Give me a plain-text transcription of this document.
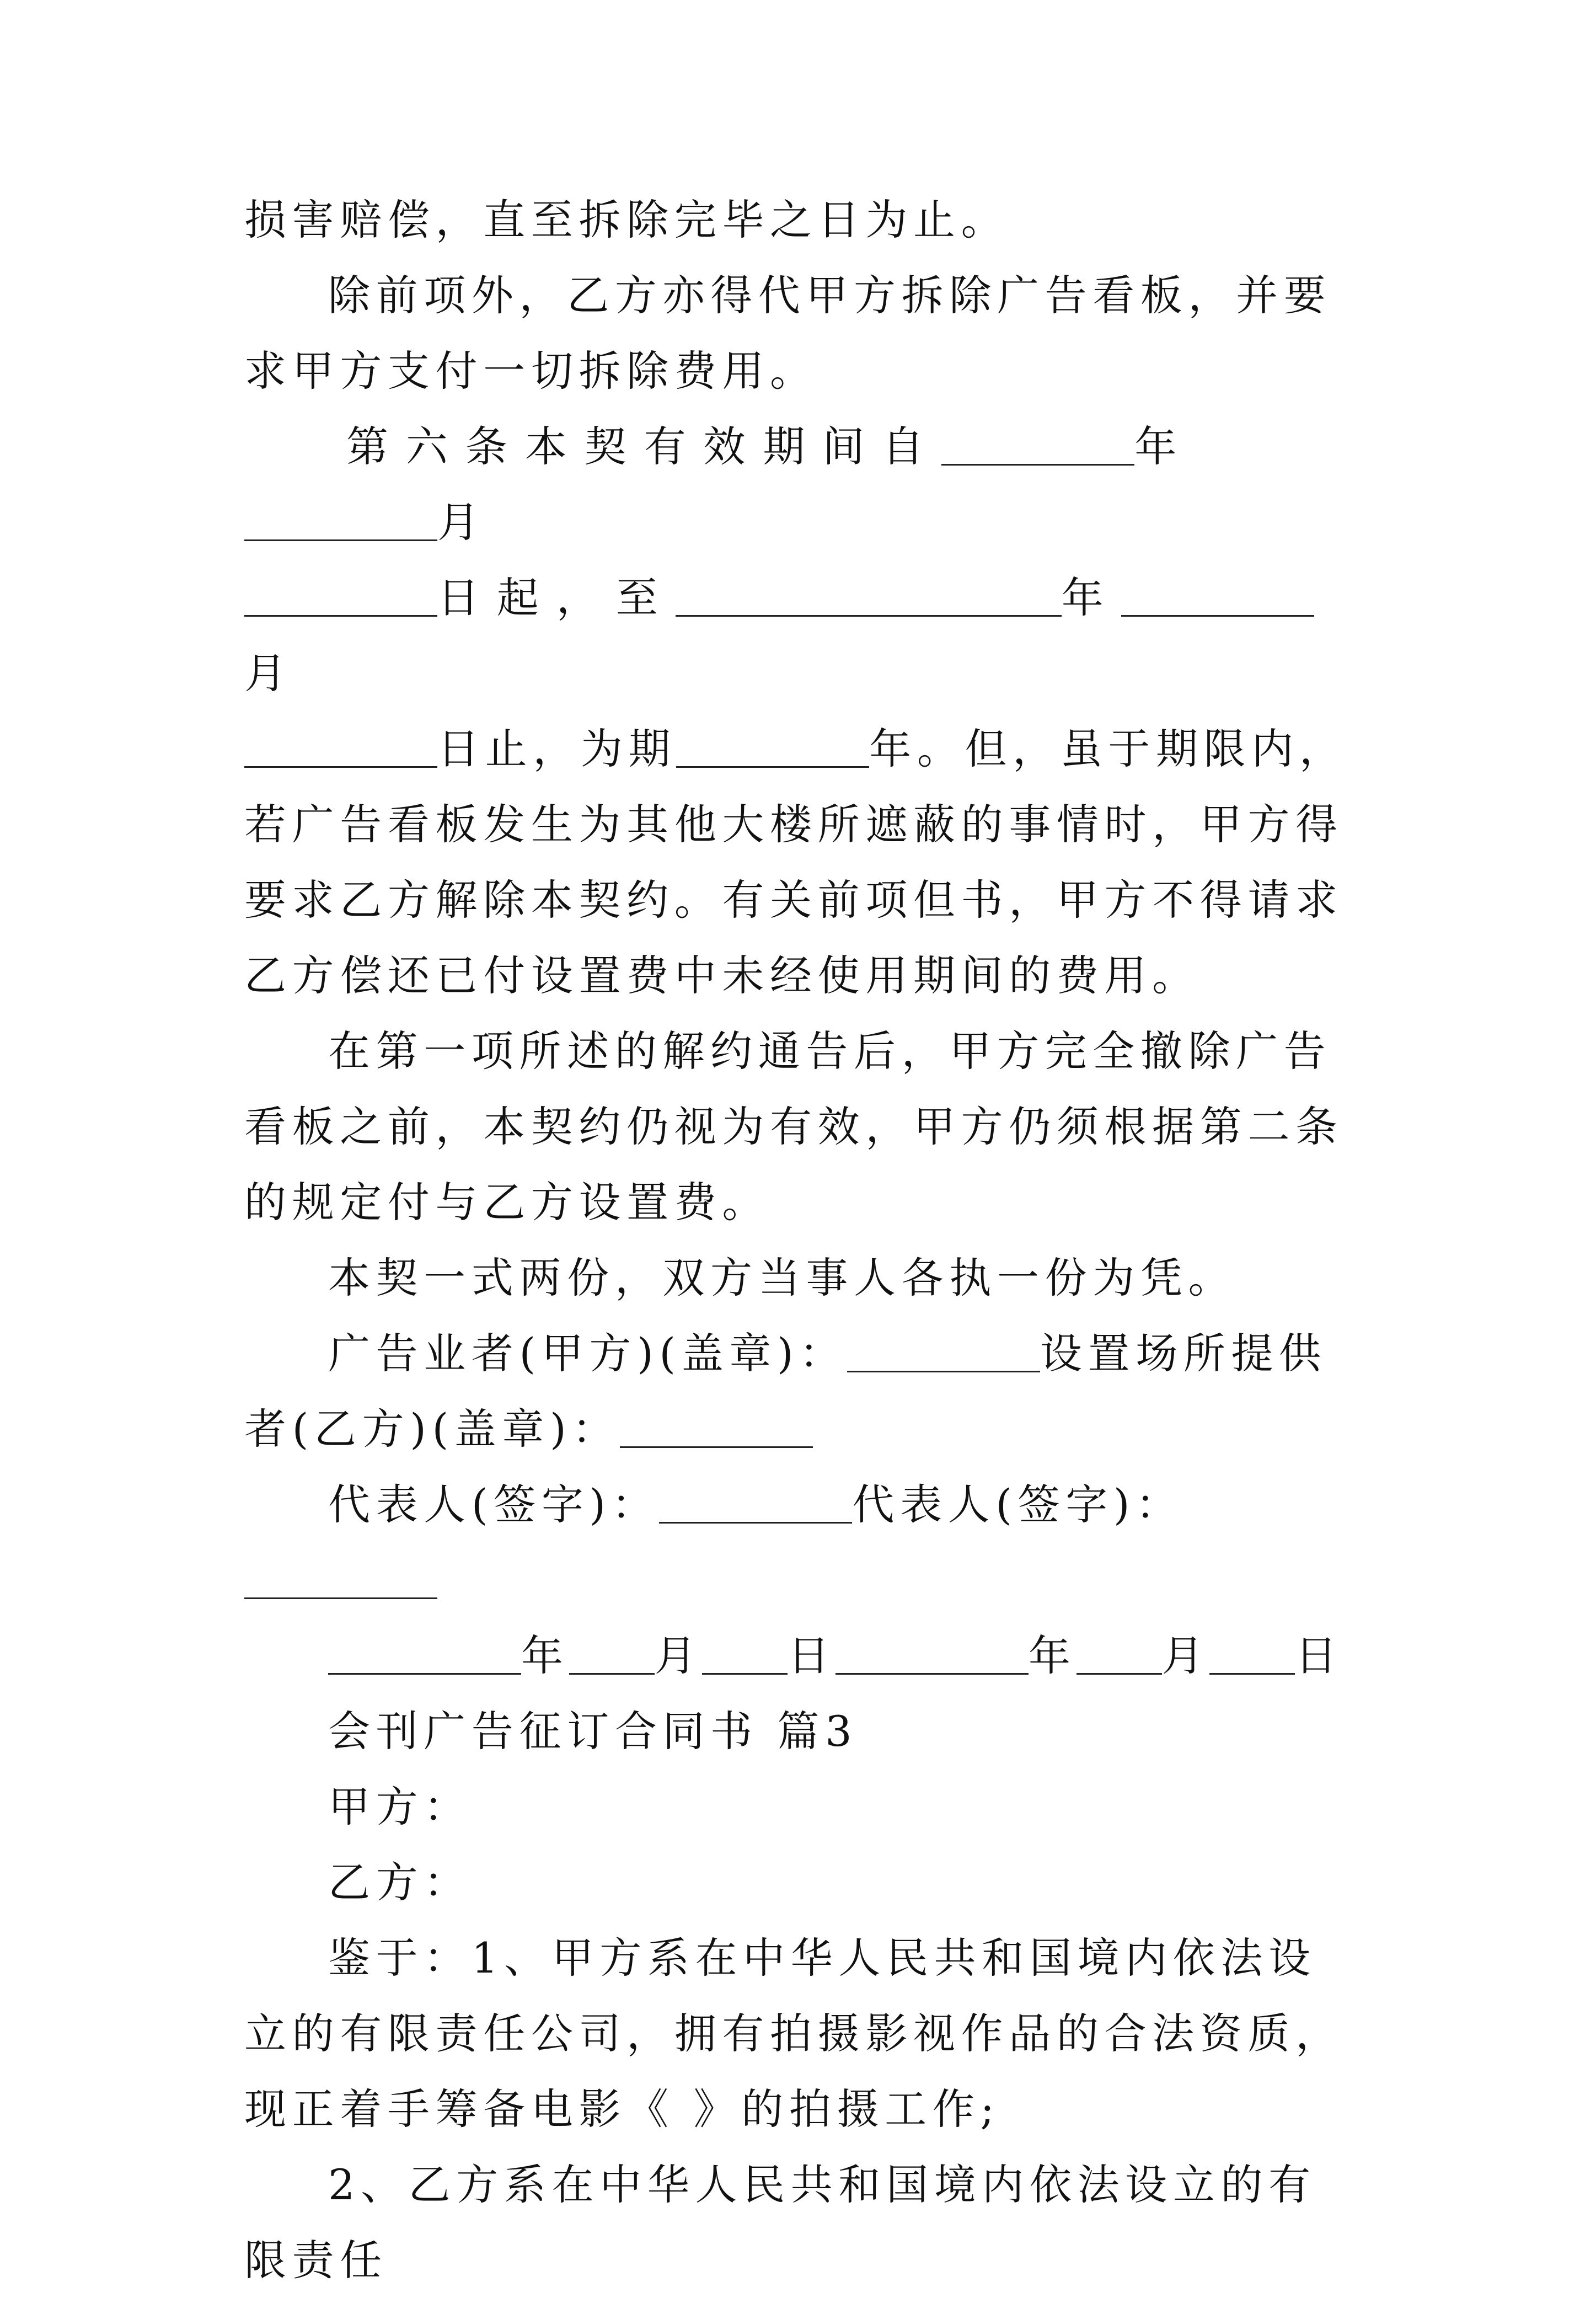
损害赔偿，直至拆除完毕之日为止。

除前项外，乙方亦得代甲方拆除广告看板，并要求甲方支付一切拆除费用。

第六条本契有效期间自	年月
日起，至	年月
日止，为期	年。但，虽于期限内，若广告看板发生为其他大楼所遮蔽的事情时，甲方得要求乙方解除本契约。有关前项但书，甲方不得请求乙方偿还已付设置费中未经使用期间的费用。

在第一项所述的解约通告后，甲方完全撤除广告看板之前，本契约仍视为有效，甲方仍须根据第二条的规定付与乙方设置费。

本契一式两份，双方当事人各执一份为凭。

广告业者(甲方)(盖章)：	设置场所提供者(乙方)(盖章)：

代表人(签字)：	代表人(签字)：

年 月 日	年 月 日

会刊广告征订合同书 篇3

甲方：

乙方：

鉴于：1、甲方系在中华人民共和国境内依法设立的有限责任公司，拥有拍摄影视作品的合法资质，现正着手筹备电影《 》的拍摄工作;

2、乙方系在中华人民共和国境内依法设立的有限责任
